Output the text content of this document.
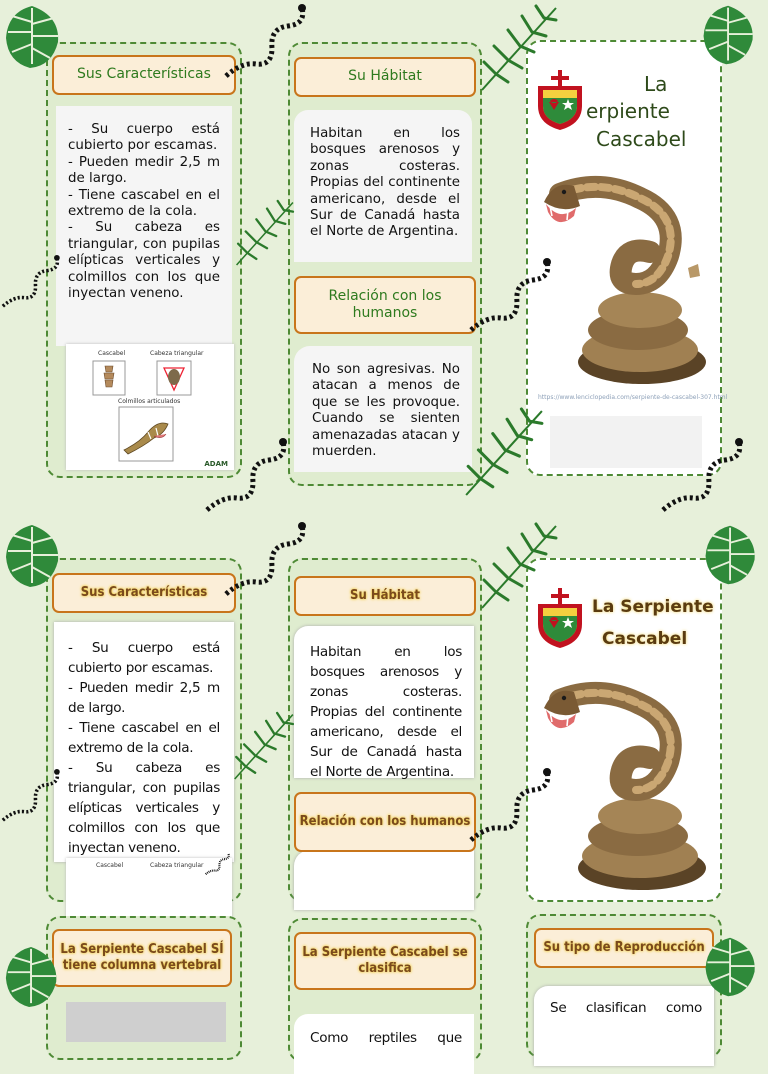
- Su cuerpo está cubierto por escamas.
- Pueden medir 2,5 m de largo.
- Tiene cascabel en el extremo de la cola.
- Su cabeza es triangular, con pupilas elípticas verticales y colmillos con los que inyectan veneno.

Cascabel	Cabeza triangular
Colmillos articulados
ADAM
Sus Características

Habitan en los bosques arenosos y zonas costeras. Propias del continente americano, desde el Sur de Canadá hasta el Norte de Argentina.

No son agresivas. No atacan a menos de que se les provoque. Cuando se sienten amenazadas atacan y muerden.

Su Hábitat
Relación con los humanos
La
erpiente
Cascabel
https://www.lenciclopedia.com/serpiente-de-cascabel-307.html

- Su cuerpo está cubierto por escamas.
- Pueden medir 2,5 m de largo.
- Tiene cascabel en el extremo de la cola.
- Su cabeza es triangular, con pupilas elípticas verticales y colmillos con los que inyectan veneno.

Cascabel	Cabeza triangular
Sus Características

Habitan en los bosques arenosos y zonas costeras. Propias del continente americano, desde el Sur de Canadá hasta el Norte de Argentina.

Su Hábitat
Relación con los humanos
La Serpiente
Cascabel
La Serpiente Cascabel SÍ tiene columna vertebral

Como reptiles que

La Serpiente Cascabel se clasifica

Se clasifican como

Su tipo de Reproducción
